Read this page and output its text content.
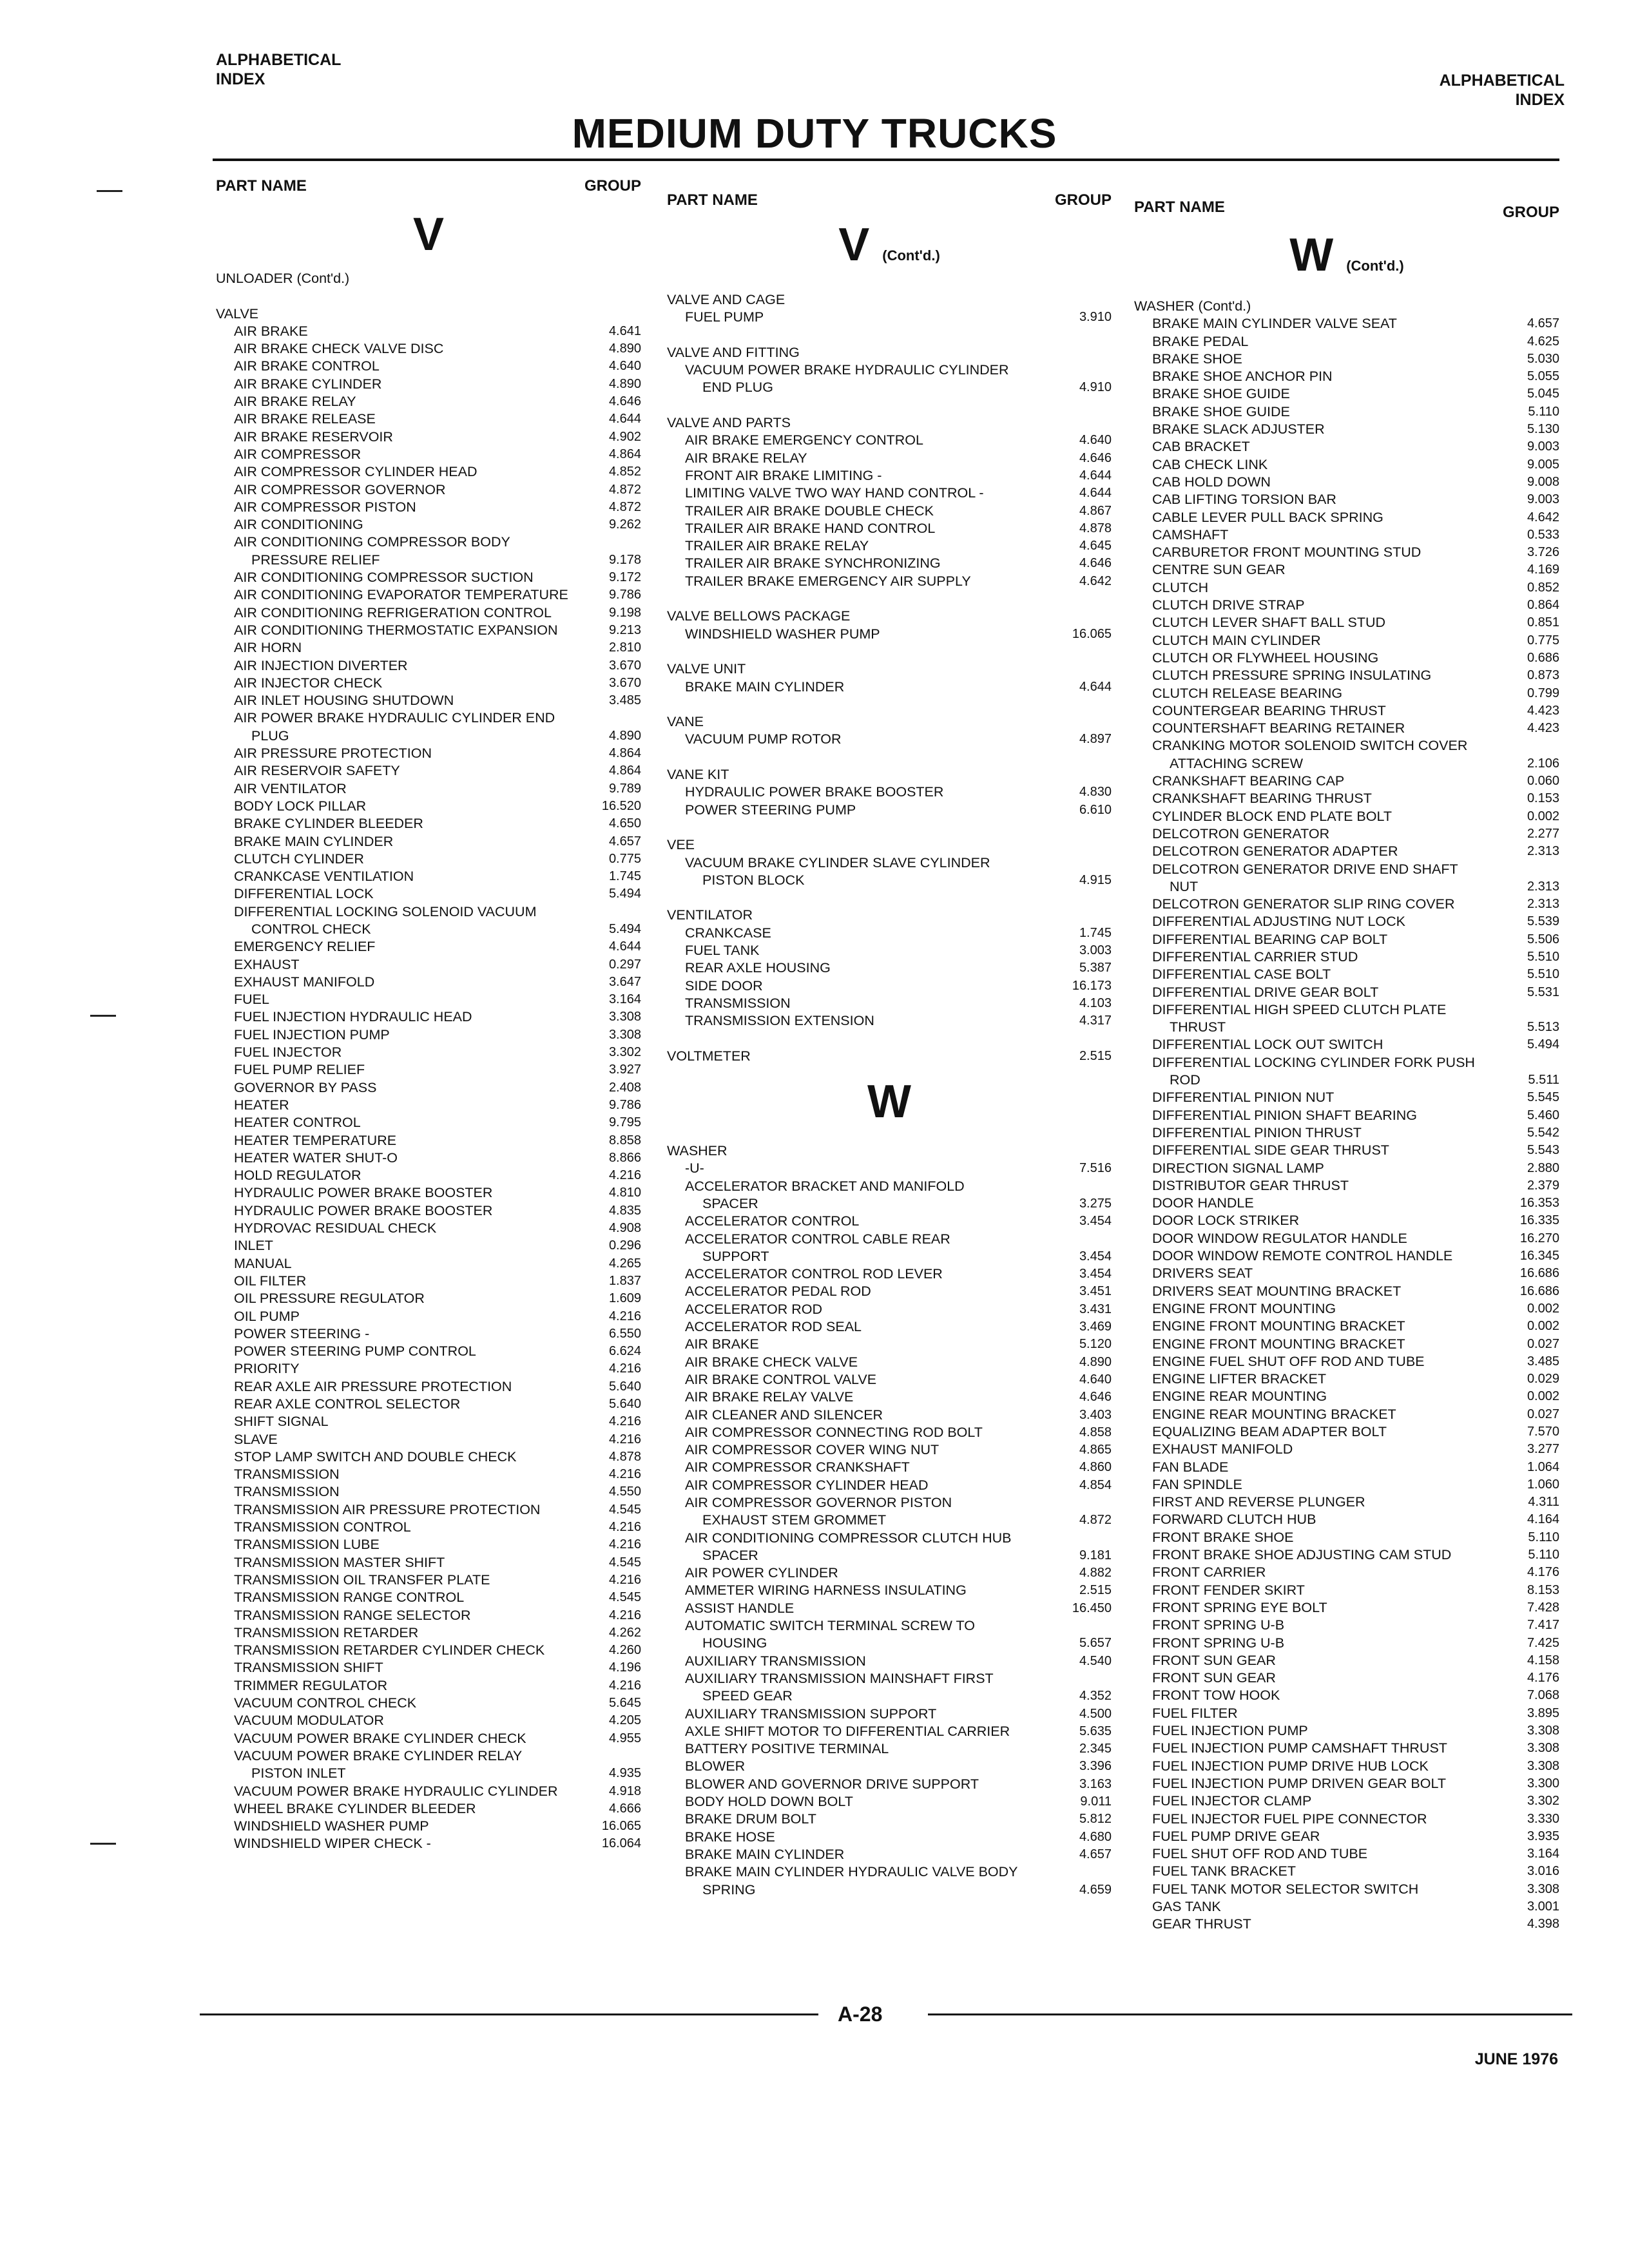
ALPHABETICAL
INDEX	ALPHABETICAL
INDEX
MEDIUM DUTY TRUCKS
PART NAME	GROUP
V
UNLOADER (Cont'd.)
VALVE
AIR BRAKE	4.641
AIR BRAKE CHECK VALVE DISC	4.890
AIR BRAKE CONTROL	4.640
AIR BRAKE CYLINDER	4.890
AIR BRAKE RELAY	4.646
AIR BRAKE RELEASE	4.644
AIR BRAKE RESERVOIR	4.902
AIR COMPRESSOR	4.864
AIR COMPRESSOR CYLINDER HEAD	4.852
AIR COMPRESSOR GOVERNOR	4.872
AIR COMPRESSOR PISTON	4.872
AIR CONDITIONING	9.262
AIR CONDITIONING COMPRESSOR BODY
PRESSURE RELIEF	9.178
AIR CONDITIONING COMPRESSOR SUCTION	9.172
AIR CONDITIONING EVAPORATOR TEMPERATURE	9.786
AIR CONDITIONING REFRIGERATION CONTROL	9.198
AIR CONDITIONING THERMOSTATIC EXPANSION	9.213
AIR HORN	2.810
AIR INJECTION DIVERTER	3.670
AIR INJECTOR CHECK	3.670
AIR INLET HOUSING SHUTDOWN	3.485
AIR POWER BRAKE HYDRAULIC CYLINDER END
PLUG	4.890
AIR PRESSURE PROTECTION	4.864
AIR RESERVOIR SAFETY	4.864
AIR VENTILATOR	9.789
BODY LOCK PILLAR	16.520
BRAKE CYLINDER BLEEDER	4.650
BRAKE MAIN CYLINDER	4.657
CLUTCH CYLINDER	0.775
CRANKCASE VENTILATION	1.745
DIFFERENTIAL LOCK	5.494
DIFFERENTIAL LOCKING SOLENOID VACUUM
CONTROL CHECK	5.494
EMERGENCY RELIEF	4.644
EXHAUST	0.297
EXHAUST MANIFOLD	3.647
FUEL	3.164
FUEL INJECTION HYDRAULIC HEAD	3.308
FUEL INJECTION PUMP	3.308
FUEL INJECTOR	3.302
FUEL PUMP RELIEF	3.927
GOVERNOR BY PASS	2.408
HEATER	9.786
HEATER CONTROL	9.795
HEATER TEMPERATURE	8.858
HEATER WATER SHUT-O	8.866
HOLD REGULATOR	4.216
HYDRAULIC POWER BRAKE BOOSTER	4.810
HYDRAULIC POWER BRAKE BOOSTER	4.835
HYDROVAC RESIDUAL CHECK	4.908
INLET	0.296
MANUAL	4.265
OIL FILTER	1.837
OIL PRESSURE REGULATOR	1.609
OIL PUMP	4.216
POWER STEERING -	6.550
POWER STEERING PUMP CONTROL	6.624
PRIORITY	4.216
REAR AXLE AIR PRESSURE PROTECTION	5.640
REAR AXLE CONTROL SELECTOR	5.640
SHIFT SIGNAL	4.216
SLAVE	4.216
STOP LAMP SWITCH AND DOUBLE CHECK	4.878
TRANSMISSION	4.216
TRANSMISSION	4.550
TRANSMISSION AIR PRESSURE PROTECTION	4.545
TRANSMISSION CONTROL	4.216
TRANSMISSION LUBE	4.216
TRANSMISSION MASTER SHIFT	4.545
TRANSMISSION OIL TRANSFER PLATE	4.216
TRANSMISSION RANGE CONTROL	4.545
TRANSMISSION RANGE SELECTOR	4.216
TRANSMISSION RETARDER	4.262
TRANSMISSION RETARDER CYLINDER CHECK	4.260
TRANSMISSION SHIFT	4.196
TRIMMER REGULATOR	4.216
VACUUM CONTROL CHECK	5.645
VACUUM MODULATOR	4.205
VACUUM POWER BRAKE CYLINDER CHECK	4.955
VACUUM POWER BRAKE CYLINDER RELAY
PISTON INLET	4.935
VACUUM POWER BRAKE HYDRAULIC CYLINDER	4.918
WHEEL BRAKE CYLINDER BLEEDER	4.666
WINDSHIELD WASHER PUMP	16.065
WINDSHIELD WIPER CHECK -	16.064
PART NAME	GROUP
V (Cont'd.)
VALVE AND CAGE
FUEL PUMP	3.910
VALVE AND FITTING
VACUUM POWER BRAKE HYDRAULIC CYLINDER
END PLUG	4.910
VALVE AND PARTS
AIR BRAKE EMERGENCY CONTROL	4.640
AIR BRAKE RELAY	4.646
FRONT AIR BRAKE LIMITING -	4.644
LIMITING VALVE TWO WAY HAND CONTROL -	4.644
TRAILER AIR BRAKE DOUBLE CHECK	4.867
TRAILER AIR BRAKE HAND CONTROL	4.878
TRAILER AIR BRAKE RELAY	4.645
TRAILER AIR BRAKE SYNCHRONIZING	4.646
TRAILER BRAKE EMERGENCY AIR SUPPLY	4.642
VALVE BELLOWS PACKAGE
WINDSHIELD WASHER PUMP	16.065
VALVE UNIT
BRAKE MAIN CYLINDER	4.644
VANE
VACUUM PUMP ROTOR	4.897
VANE KIT
HYDRAULIC POWER BRAKE BOOSTER	4.830
POWER STEERING PUMP	6.610
VEE
VACUUM BRAKE CYLINDER SLAVE CYLINDER
PISTON BLOCK	4.915
VENTILATOR
CRANKCASE	1.745
FUEL TANK	3.003
REAR AXLE HOUSING	5.387
SIDE DOOR	16.173
TRANSMISSION	4.103
TRANSMISSION EXTENSION	4.317
VOLTMETER	2.515
W
WASHER
-U-	7.516
ACCELERATOR BRACKET AND MANIFOLD
SPACER	3.275
ACCELERATOR CONTROL	3.454
ACCELERATOR CONTROL CABLE REAR
SUPPORT	3.454
ACCELERATOR CONTROL ROD LEVER	3.454
ACCELERATOR PEDAL ROD	3.451
ACCELERATOR ROD	3.431
ACCELERATOR ROD SEAL	3.469
AIR BRAKE	5.120
AIR BRAKE CHECK VALVE	4.890
AIR BRAKE CONTROL VALVE	4.640
AIR BRAKE RELAY VALVE	4.646
AIR CLEANER AND SILENCER	3.403
AIR COMPRESSOR CONNECTING ROD BOLT	4.858
AIR COMPRESSOR COVER WING NUT	4.865
AIR COMPRESSOR CRANKSHAFT	4.860
AIR COMPRESSOR CYLINDER HEAD	4.854
AIR COMPRESSOR GOVERNOR PISTON
EXHAUST STEM GROMMET	4.872
AIR CONDITIONING COMPRESSOR CLUTCH HUB
SPACER	9.181
AIR POWER CYLINDER	4.882
AMMETER WIRING HARNESS INSULATING	2.515
ASSIST HANDLE	16.450
AUTOMATIC SWITCH TERMINAL SCREW TO
HOUSING	5.657
AUXILIARY TRANSMISSION	4.540
AUXILIARY TRANSMISSION MAINSHAFT FIRST
SPEED GEAR	4.352
AUXILIARY TRANSMISSION SUPPORT	4.500
AXLE SHIFT MOTOR TO DIFFERENTIAL CARRIER	5.635
BATTERY POSITIVE TERMINAL	2.345
BLOWER	3.396
BLOWER AND GOVERNOR DRIVE SUPPORT	3.163
BODY HOLD DOWN BOLT	9.011
BRAKE DRUM BOLT	5.812
BRAKE HOSE	4.680
BRAKE MAIN CYLINDER	4.657
BRAKE MAIN CYLINDER HYDRAULIC VALVE BODY
SPRING	4.659
PART NAME	GROUP
W (Cont'd.)
WASHER (Cont'd.)
BRAKE MAIN CYLINDER VALVE SEAT	4.657
BRAKE PEDAL	4.625
BRAKE SHOE	5.030
BRAKE SHOE ANCHOR PIN	5.055
BRAKE SHOE GUIDE	5.045
BRAKE SHOE GUIDE	5.110
BRAKE SLACK ADJUSTER	5.130
CAB BRACKET	9.003
CAB CHECK LINK	9.005
CAB HOLD DOWN	9.008
CAB LIFTING TORSION BAR	9.003
CABLE LEVER PULL BACK SPRING	4.642
CAMSHAFT	0.533
CARBURETOR FRONT MOUNTING STUD	3.726
CENTRE SUN GEAR	4.169
CLUTCH	0.852
CLUTCH DRIVE STRAP	0.864
CLUTCH LEVER SHAFT BALL STUD	0.851
CLUTCH MAIN CYLINDER	0.775
CLUTCH OR FLYWHEEL HOUSING	0.686
CLUTCH PRESSURE SPRING INSULATING	0.873
CLUTCH RELEASE BEARING	0.799
COUNTERGEAR BEARING THRUST	4.423
COUNTERSHAFT BEARING RETAINER	4.423
CRANKING MOTOR SOLENOID SWITCH COVER
ATTACHING SCREW	2.106
CRANKSHAFT BEARING CAP	0.060
CRANKSHAFT BEARING THRUST	0.153
CYLINDER BLOCK END PLATE BOLT	0.002
DELCOTRON GENERATOR	2.277
DELCOTRON GENERATOR ADAPTER	2.313
DELCOTRON GENERATOR DRIVE END SHAFT
NUT	2.313
DELCOTRON GENERATOR SLIP RING COVER	2.313
DIFFERENTIAL ADJUSTING NUT LOCK	5.539
DIFFERENTIAL BEARING CAP BOLT	5.506
DIFFERENTIAL CARRIER STUD	5.510
DIFFERENTIAL CASE BOLT	5.510
DIFFERENTIAL DRIVE GEAR BOLT	5.531
DIFFERENTIAL HIGH SPEED CLUTCH PLATE
THRUST	5.513
DIFFERENTIAL LOCK OUT SWITCH	5.494
DIFFERENTIAL LOCKING CYLINDER FORK PUSH
ROD	5.511
DIFFERENTIAL PINION NUT	5.545
DIFFERENTIAL PINION SHAFT BEARING	5.460
DIFFERENTIAL PINION THRUST	5.542
DIFFERENTIAL SIDE GEAR THRUST	5.543
DIRECTION SIGNAL LAMP	2.880
DISTRIBUTOR GEAR THRUST	2.379
DOOR HANDLE	16.353
DOOR LOCK STRIKER	16.335
DOOR WINDOW REGULATOR HANDLE	16.270
DOOR WINDOW REMOTE CONTROL HANDLE	16.345
DRIVERS SEAT	16.686
DRIVERS SEAT MOUNTING BRACKET	16.686
ENGINE FRONT MOUNTING	0.002
ENGINE FRONT MOUNTING BRACKET	0.002
ENGINE FRONT MOUNTING BRACKET	0.027
ENGINE FUEL SHUT OFF ROD AND TUBE	3.485
ENGINE LIFTER BRACKET	0.029
ENGINE REAR MOUNTING	0.002
ENGINE REAR MOUNTING BRACKET	0.027
EQUALIZING BEAM ADAPTER BOLT	7.570
EXHAUST MANIFOLD	3.277
FAN BLADE	1.064
FAN SPINDLE	1.060
FIRST AND REVERSE PLUNGER	4.311
FORWARD CLUTCH HUB	4.164
FRONT BRAKE SHOE	5.110
FRONT BRAKE SHOE ADJUSTING CAM STUD	5.110
FRONT CARRIER	4.176
FRONT FENDER SKIRT	8.153
FRONT SPRING EYE BOLT	7.428
FRONT SPRING U-B	7.417
FRONT SPRING U-B	7.425
FRONT SUN GEAR	4.158
FRONT SUN GEAR	4.176
FRONT TOW HOOK	7.068
FUEL FILTER	3.895
FUEL INJECTION PUMP	3.308
FUEL INJECTION PUMP CAMSHAFT THRUST	3.308
FUEL INJECTION PUMP DRIVE HUB LOCK	3.308
FUEL INJECTION PUMP DRIVEN GEAR BOLT	3.300
FUEL INJECTOR CLAMP	3.302
FUEL INJECTOR FUEL PIPE CONNECTOR	3.330
FUEL PUMP DRIVE GEAR	3.935
FUEL SHUT OFF ROD AND TUBE	3.164
FUEL TANK BRACKET	3.016
FUEL TANK MOTOR SELECTOR SWITCH	3.308
GAS TANK	3.001
GEAR THRUST	4.398
A-28
JUNE 1976
